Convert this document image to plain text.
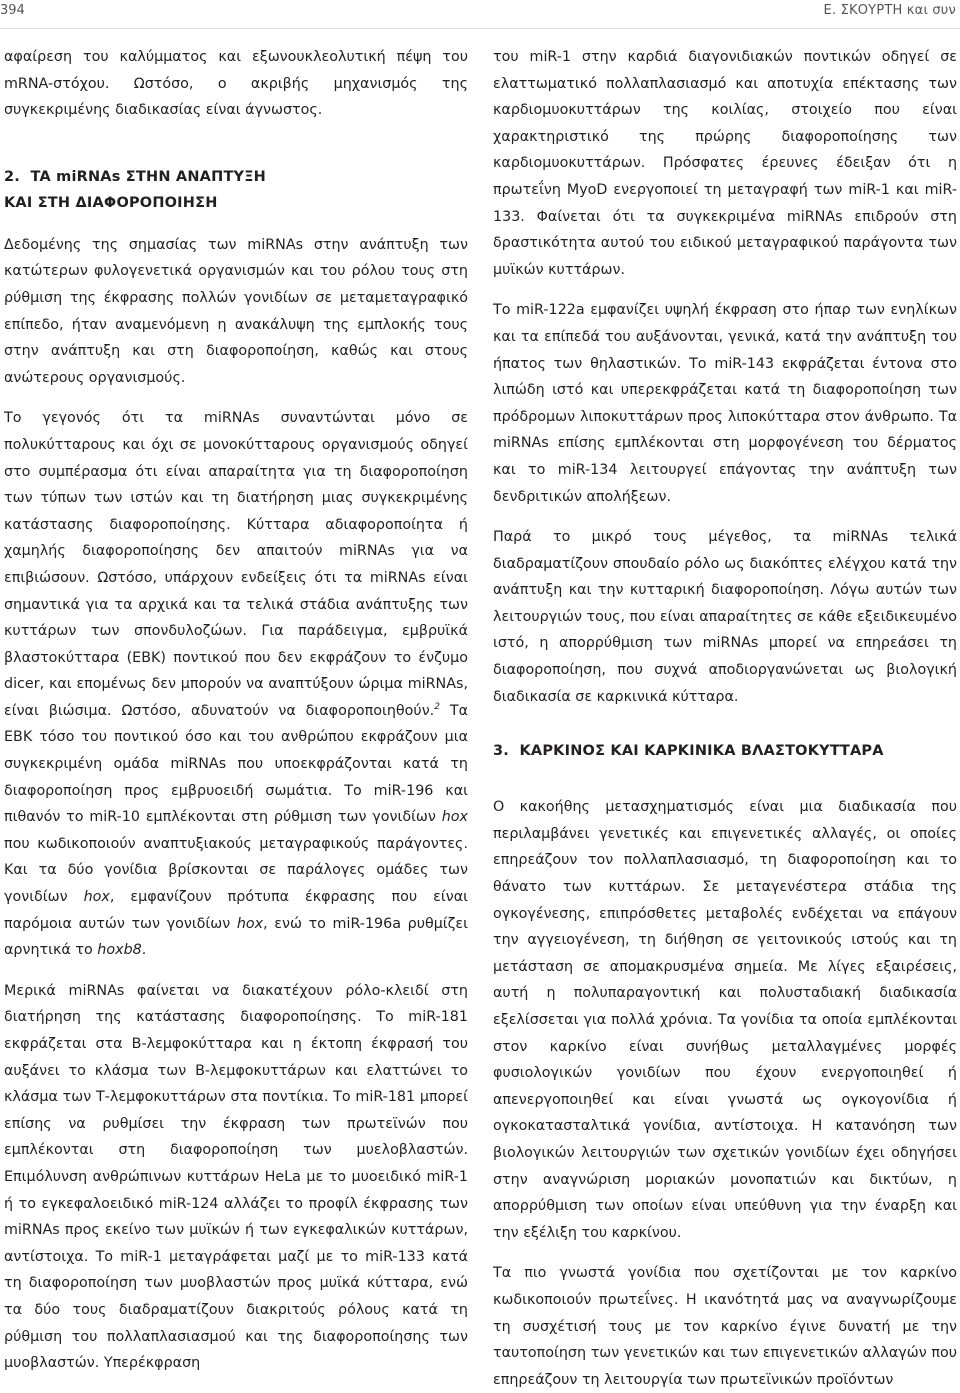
394	Ε. ΣΚΟΥΡΤΗ και συν

αφαίρεση του καλύμματος και εξωνουκλεολυτική πέψη του mRNA-στόχου. Ωστόσο, ο ακριβής μηχανισμός της συγκεκριμένης διαδικασίας είναι άγνωστος.

2.  TA miRNAs ΣΤΗΝ ΑΝΑΠΤΥΞΗ
ΚΑΙ ΣΤΗ ΔΙΑΦΟΡΟΠΟΙΗΣΗ

Δεδομένης της σημασίας των miRNAs στην ανάπτυξη των κατώτερων φυλογενετικά οργανισμών και του ρόλου τους στη ρύθμιση της έκφρασης πολλών γονιδίων σε μεταμεταγραφικό επίπεδο, ήταν αναμενόμενη η ανακάλυψη της εμπλοκής τους στην ανάπτυξη και στη διαφοροποίηση, καθώς και στους ανώτερους οργανισμούς.

Το γεγονός ότι τα miRNAs συναντώνται μόνο σε πολυκύτταρους και όχι σε μονοκύτταρους οργανισμούς οδηγεί στο συμπέρασμα ότι είναι απαραίτητα για τη διαφοροποίηση των τύπων των ιστών και τη διατήρηση μιας συγκεκριμένης κατάστασης διαφοροποίησης. Κύτταρα αδιαφοροποίητα ή χαμηλής διαφοροποίησης δεν απαιτούν miRNAs για να επιβιώσουν. Ωστόσο, υπάρχουν ενδείξεις ότι τα miRNAs είναι σημαντικά για τα αρχικά και τα τελικά στάδια ανάπτυξης των κυττάρων των σπονδυλοζώων. Για παράδειγμα, εμβρυϊκά βλαστοκύτταρα (ΕΒΚ) ποντικού που δεν εκφράζουν το ένζυμο dicer, και επομένως δεν μπορούν να αναπτύξουν ώριμα miRNAs, είναι βιώσιμα. Ωστόσο, αδυνατούν να διαφοροποιηθούν.$^2$ Τα ΕΒΚ τόσο του ποντικού όσο και του ανθρώπου εκφράζουν μια συγκεκριμένη ομάδα miRNAs που υποεκφράζονται κατά τη διαφοροποίηση προς εμβρυοειδή σωμάτια. Το miR-196 και πιθανόν το miR-10 εμπλέκονται στη ρύθμιση των γονιδίων hox που κωδικοποιούν αναπτυξιακούς μεταγραφικούς παράγοντες. Και τα δύο γονίδια βρίσκονται σε παράλογες ομάδες των γονιδίων hox, εμφανίζουν πρότυπα έκφρασης που είναι παρόμοια αυτών των γονιδίων hox, ενώ το miR-196a ρυθμίζει αρνητικά το hoxb8.

Μερικά miRNAs φαίνεται να διακατέχουν ρόλο-κλειδί στη διατήρηση της κατάστασης διαφοροποίησης. Το miR-181 εκφράζεται στα Β-λεμφοκύτταρα και η έκτοπη έκφρασή του αυξάνει το κλάσμα των Β-λεμφοκυττάρων και ελαττώνει το κλάσμα των Τ-λεμφοκυττάρων στα ποντίκια. Το miR-181 μπορεί επίσης να ρυθμίσει την έκφραση των πρωτεϊνών που εμπλέκονται στη διαφοροποίηση των μυελοβλαστών. Επιμόλυνση ανθρώπινων κυττάρων HeLa με το μυοειδικό miR-1 ή το εγκεφαλοειδικό miR-124 αλλάζει το προφίλ έκφρασης των miRNAs προς εκείνο των μυϊκών ή των εγκεφαλικών κυττάρων, αντίστοιχα. Το miR-1 μεταγράφεται μαζί με το miR-133 κατά τη διαφοροποίηση των μυοβλαστών προς μυϊκά κύτταρα, ενώ τα δύο τους διαδραματίζουν διακριτούς ρόλους κατά τη ρύθμιση του πολλαπλασιασμού και της διαφοροποίησης των μυοβλαστών. Υπερέκφραση

του miR-1 στην καρδιά διαγονιδιακών ποντικών οδηγεί σε ελαττωματικό πολλαπλασιασμό και αποτυχία επέκτασης των καρδιομυοκυττάρων της κοιλίας, στοιχείο που είναι χαρακτηριστικό της πρώρης διαφοροποίησης των καρδιομυοκυττάρων. Πρόσφατες έρευνες έδειξαν ότι η πρωτεΐνη MyoD ενεργοποιεί τη μεταγραφή των miR-1 και miR-133. Φαίνεται ότι τα συγκεκριμένα miRNAs επιδρούν στη δραστικότητα αυτού του ειδικού μεταγραφικού παράγοντα των μυϊκών κυττάρων.

Το miR-122a εμφανίζει υψηλή έκφραση στο ήπαρ των ενηλίκων και τα επίπεδά του αυξάνονται, γενικά, κατά την ανάπτυξη του ήπατος των θηλαστικών. Το miR-143 εκφράζεται έντονα στο λιπώδη ιστό και υπερεκφράζεται κατά τη διαφοροποίηση των πρόδρομων λιποκυττάρων προς λιποκύτταρα στον άνθρωπο. Τα miRNAs επίσης εμπλέκονται στη μορφογένεση του δέρματος και το miR-134 λειτουργεί επάγοντας την ανάπτυξη των δενδριτικών απολήξεων.

Παρά το μικρό τους μέγεθος, τα miRNAs τελικά διαδραματίζουν σπουδαίο ρόλο ως διακόπτες ελέγχου κατά την ανάπτυξη και την κυτταρική διαφοροποίηση. Λόγω αυτών των λειτουργιών τους, που είναι απαραίτητες σε κάθε εξειδικευμένο ιστό, η απορρύθμιση των miRNAs μπορεί να επηρεάσει τη διαφοροποίηση, που συχνά αποδιοργανώνεται ως βιολογική διαδικασία σε καρκινικά κύτταρα.

3.  ΚΑΡΚΙΝΟΣ ΚΑΙ ΚΑΡΚΙΝΙΚΑ ΒΛΑΣΤΟΚΥΤΤΑΡΑ

Ο κακοήθης μετασχηματισμός είναι μια διαδικασία που περιλαμβάνει γενετικές και επιγενετικές αλλαγές, οι οποίες επηρεάζουν τον πολλαπλασιασμό, τη διαφοροποίηση και το θάνατο των κυττάρων. Σε μεταγενέστερα στάδια της ογκογένεσης, επιπρόσθετες μεταβολές ενδέχεται να επάγουν την αγγειογένεση, τη διήθηση σε γειτονικούς ιστούς και τη μετάσταση σε απομακρυσμένα σημεία. Με λίγες εξαιρέσεις, αυτή η πολυπαραγοντική και πολυσταδιακή διαδικασία εξελίσσεται για πολλά χρόνια. Τα γονίδια τα οποία εμπλέκονται στον καρκίνο είναι συνήθως μεταλλαγμένες μορφές φυσιολογικών γονιδίων που έχουν ενεργοποιηθεί ή απενεργοποιηθεί και είναι γνωστά ως ογκογονίδια ή ογκοκατασταλτικά γονίδια, αντίστοιχα. Η κατανόηση των βιολογικών λειτουργιών των σχετικών γονιδίων έχει οδηγήσει στην αναγνώριση μοριακών μονοπατιών και δικτύων, η απορρύθμιση των οποίων είναι υπεύθυνη για την έναρξη και την εξέλιξη του καρκίνου.

Τα πιο γνωστά γονίδια που σχετίζονται με τον καρκίνο κωδικοποιούν πρωτεΐνες. Η ικανότητά μας να αναγνωρίζουμε τη συσχέτισή τους με τον καρκίνο έγινε δυνατή με την ταυτοποίηση των γενετικών και των επιγενετικών αλλαγών που επηρεάζουν τη λειτουργία των πρωτεϊνικών προϊόντων
